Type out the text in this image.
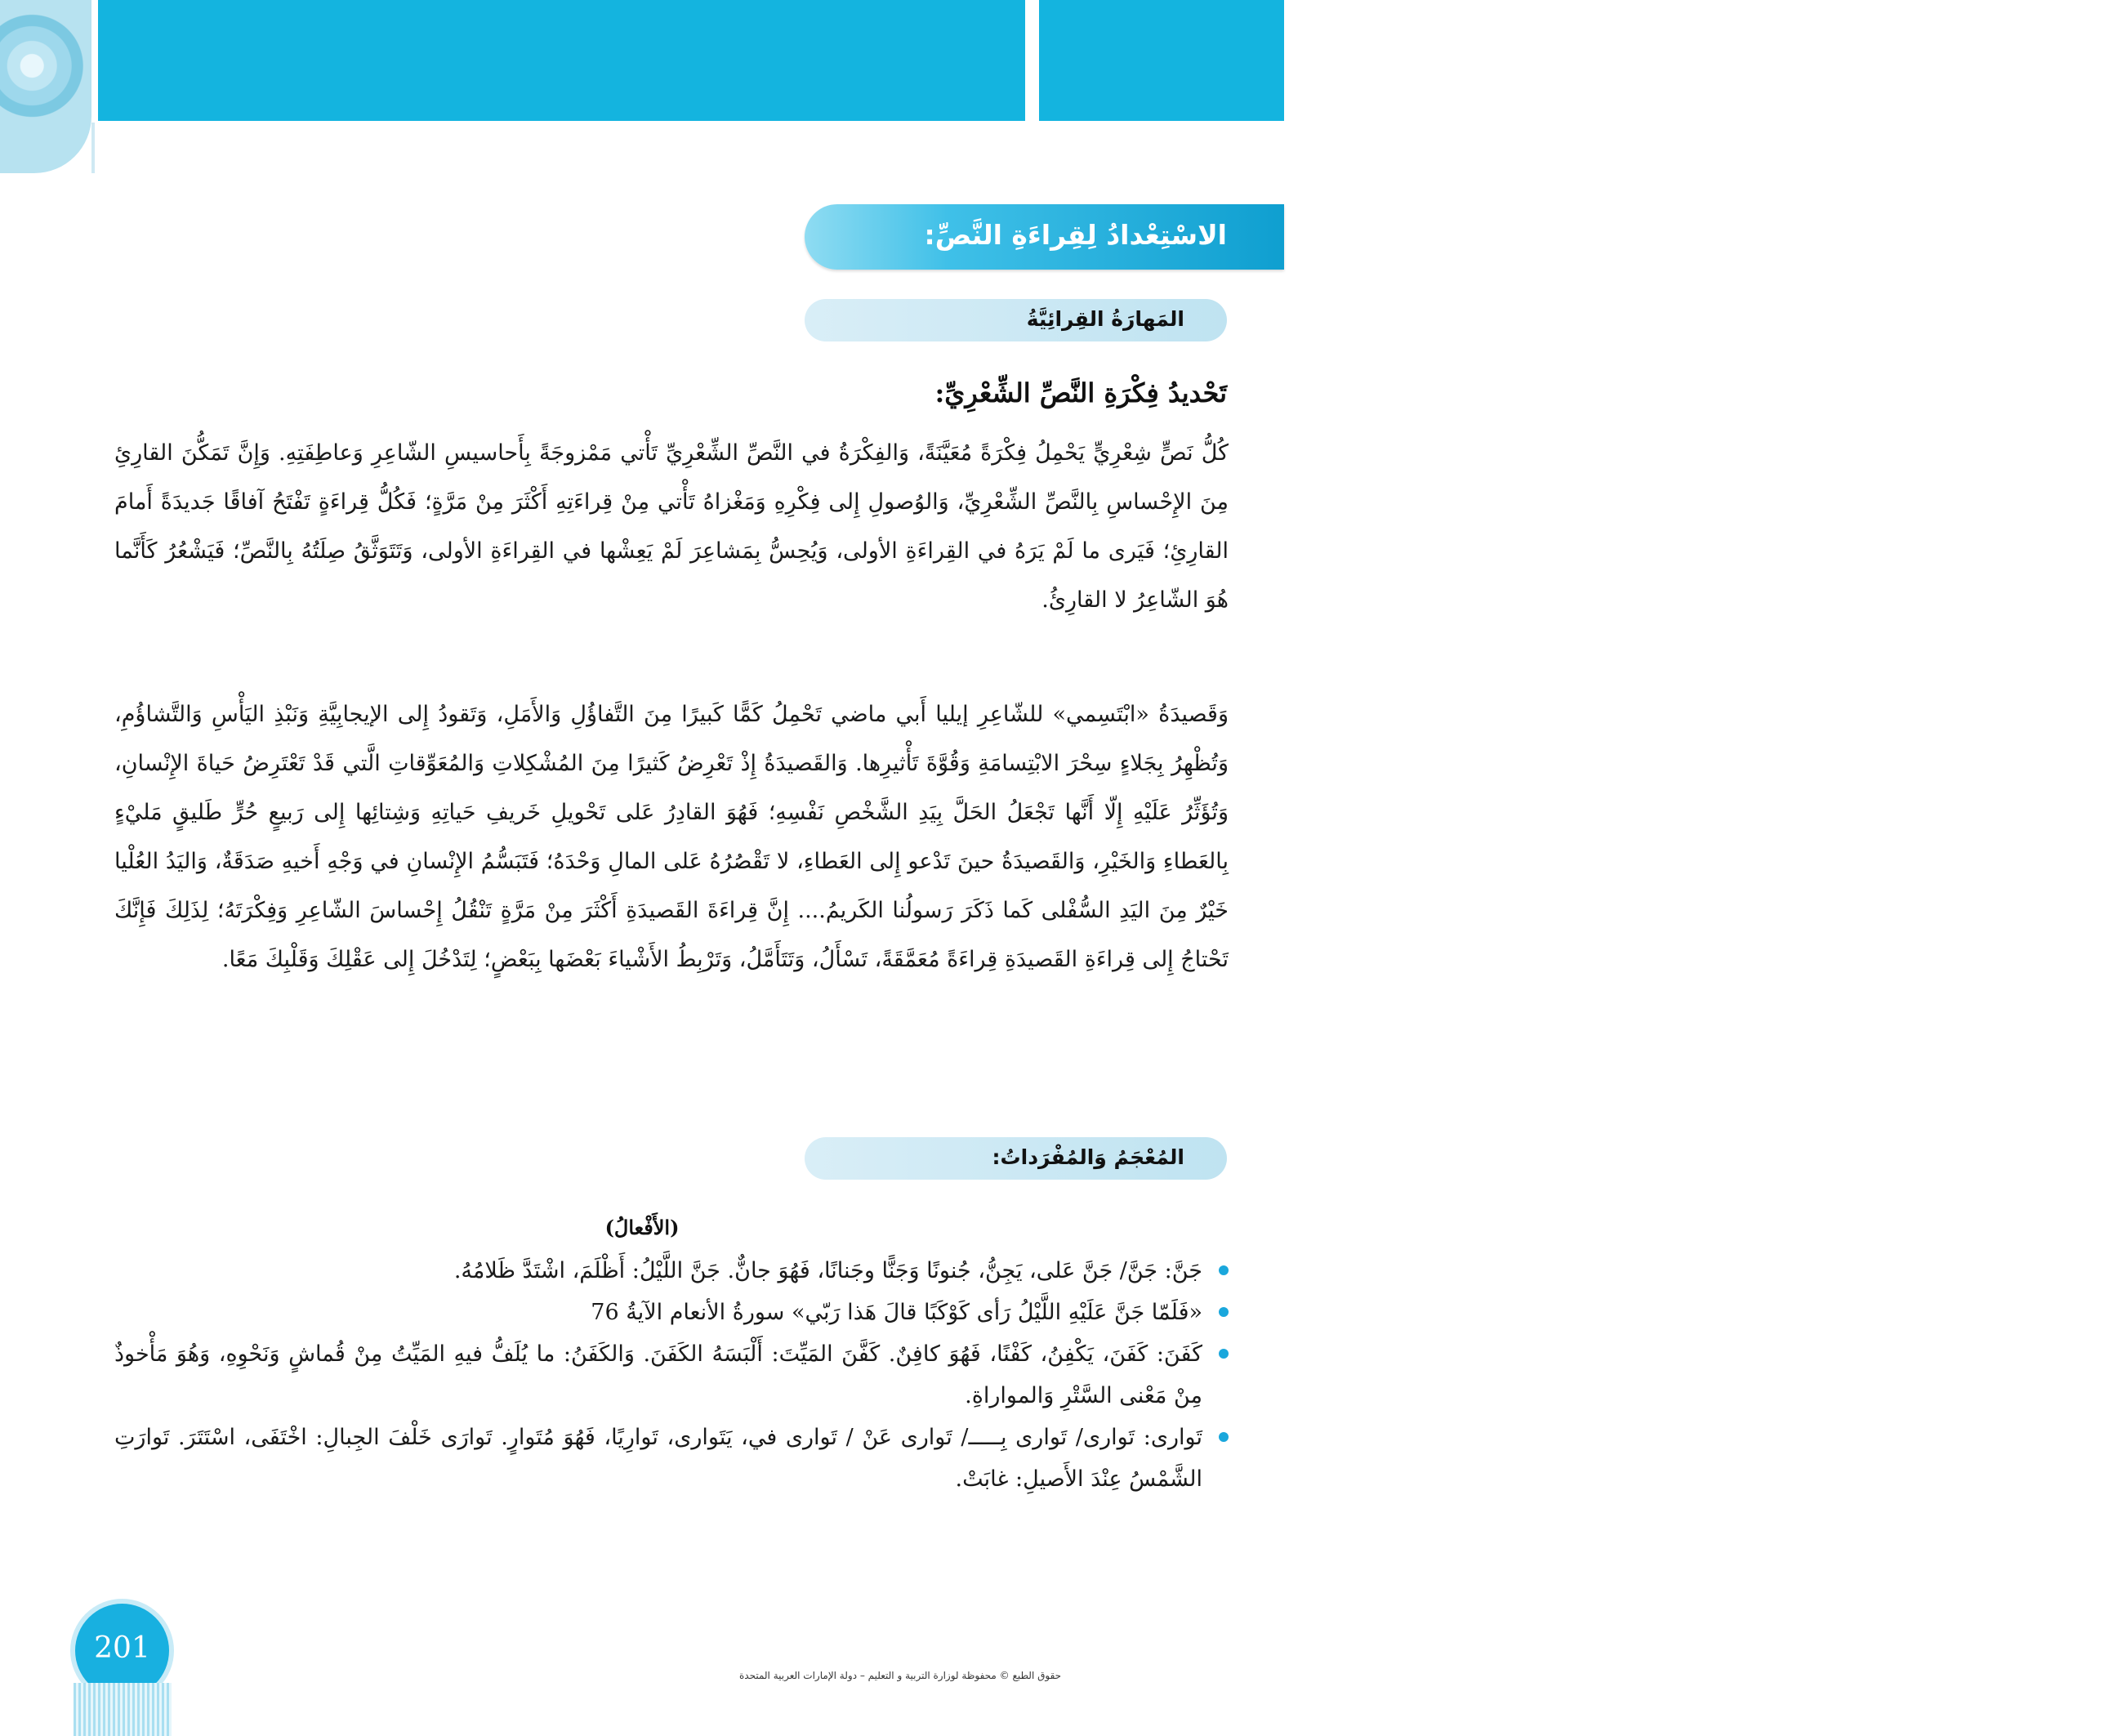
1
الاسْتِعْدادُ لِقِراءَةِ النَّصِّ:
المَهارَةُ القِرائِيَّةُ
تَحْديدُ فِكْرَةِ النَّصِّ الشِّعْرِيِّ:

كُلُّ نَصٍّ شِعْرِيٍّ يَحْمِلُ فِكْرَةً مُعَيَّنَةً، وَالفِكْرَةُ في النَّصِّ الشِّعْرِيِّ تَأْتي مَمْزوجَةً بِأَحاسيسِ الشّاعِرِ وَعاطِفَتِهِ. وَإِنَّ تَمَكُّنَ القارِئِ مِنَ الإِحْساسِ بِالنَّصِّ الشِّعْرِيِّ، وَالوُصولِ إِلى فِكْرِهِ وَمَغْزاهُ تَأْتي مِنْ قِراءَتِهِ أَكْثَرَ مِنْ مَرَّةٍ؛ فَكُلُّ قِراءَةٍ تَفْتَحُ آفاقًا جَديدَةً أَمامَ القارِئِ؛ فَيَرى ما لَمْ يَرَهُ في القِراءَةِ الأولى، وَيُحِسُّ بِمَشاعِرَ لَمْ يَعِشْها في القِراءَةِ الأولى، وَتَتَوَثَّقُ صِلَتُهُ بِالنَّصِّ؛ فَيَشْعُرُ كَأَنَّما هُوَ الشّاعِرُ لا القارِئُ.

وَقَصيدَةُ «ابْتَسِمي» للشّاعِرِ إيليا أَبي ماضي تَحْمِلُ كَمًّا كَبيرًا مِنَ التَّفاؤُلِ وَالأَمَلِ، وَتَقودُ إِلى الإيجابِيَّةِ وَنَبْذِ اليَأْسِ وَالتَّشاؤُمِ، وَتُظْهِرُ بِجَلاءٍ سِحْرَ الابْتِسامَةِ وَقُوَّةَ تَأْثيرِها. وَالقَصيدَةُ إِذْ تَعْرِضُ كَثيرًا مِنَ المُشْكِلاتِ وَالمُعَوِّقاتِ الَّتي قَدْ تَعْتَرِضُ حَياةَ الإِنْسانِ، وَتُؤَثِّرُ عَلَيْهِ إِلّا أَنَّها تَجْعَلُ الحَلَّ بِيَدِ الشَّخْصِ نَفْسِهِ؛ فَهُوَ القادِرُ عَلى تَحْويلِ خَريفِ حَياتِهِ وَشِتائِها إِلى رَبيعٍ حُرٍّ طَليقٍ مَليْءٍ بِالعَطاءِ وَالخَيْرِ، وَالقَصيدَةُ حينَ تَدْعو إِلى العَطاءِ، لا تَقْصُرُهُ عَلى المالِ وَحْدَهُ؛ فَتَبَسُّمُ الإِنْسانِ في وَجْهِ أَخيهِ صَدَقَةٌ، وَاليَدُ العُلْيا خَيْرٌ مِنَ اليَدِ السُّفْلى كَما ذَكَرَ رَسولُنا الكَريمُ.... إِنَّ قِراءَةَ القَصيدَةِ أَكْثَرَ مِنْ مَرَّةٍ تَنْقُلُ إِحْساسَ الشّاعِرِ وَفِكْرَتَهُ؛ لِذَلِكَ فَإِنَّكَ تَحْتاجُ إِلى قِراءَةِ القَصيدَةِ قِراءَةً مُعَمَّقَةً، تَسْأَلُ، وَتَتَأَمَّلُ، وَتَرْبِطُ الأَشْياءَ بَعْضَها بِبَعْضٍ؛ لِتَدْخُلَ إِلى عَقْلِكَ وَقَلْبِكَ مَعًا.

المُعْجَمُ وَالمُفْرَداتُ:
(الأَفْعالُ)
جَنَّ: جَنَّ/ جَنَّ عَلى، يَجِنُّ، جُنونًا وَجَنًّا وجَنانًا، فَهُوَ جانٌّ. جَنَّ اللَّيْلُ: أَظْلَمَ، اشْتَدَّ ظَلامُهُ.
«فَلَمّا جَنَّ عَلَيْهِ اللَّيْلُ رَأى كَوْكَبًا قالَ هَذا رَبّي» سورةُ الأنعام الآيةُ 76
كَفَنَ: كَفَنَ، يَكْفِنُ، كَفْنًا، فَهُوَ كافِنٌ. كَفَّنَ المَيِّتَ: أَلْبَسَهُ الكَفَنَ. وَالكَفَنُ: ما يُلَفُّ فيهِ المَيِّتُ مِنْ قُماشٍ وَنَحْوِهِ، وَهُوَ مَأْخوذٌ مِنْ مَعْنى السَّتْرِ وَالمواراةِ.
تَوارى: تَوارى/ تَوارى بِـــــ/ تَوارى عَنْ / تَوارى في، يَتَوارى، تَوارِيًا، فَهُوَ مُتَوارٍ. تَوارَى خَلْفَ الجِبالِ: اخْتَفَى، اسْتَتَرَ. تَوارَتِ الشَّمْسُ عِنْدَ الأَصيلِ: غابَتْ.
201
حقوق الطبع © محفوظة لوزارة التربية و التعليم – دولة الإمارات العربية المتحدة
